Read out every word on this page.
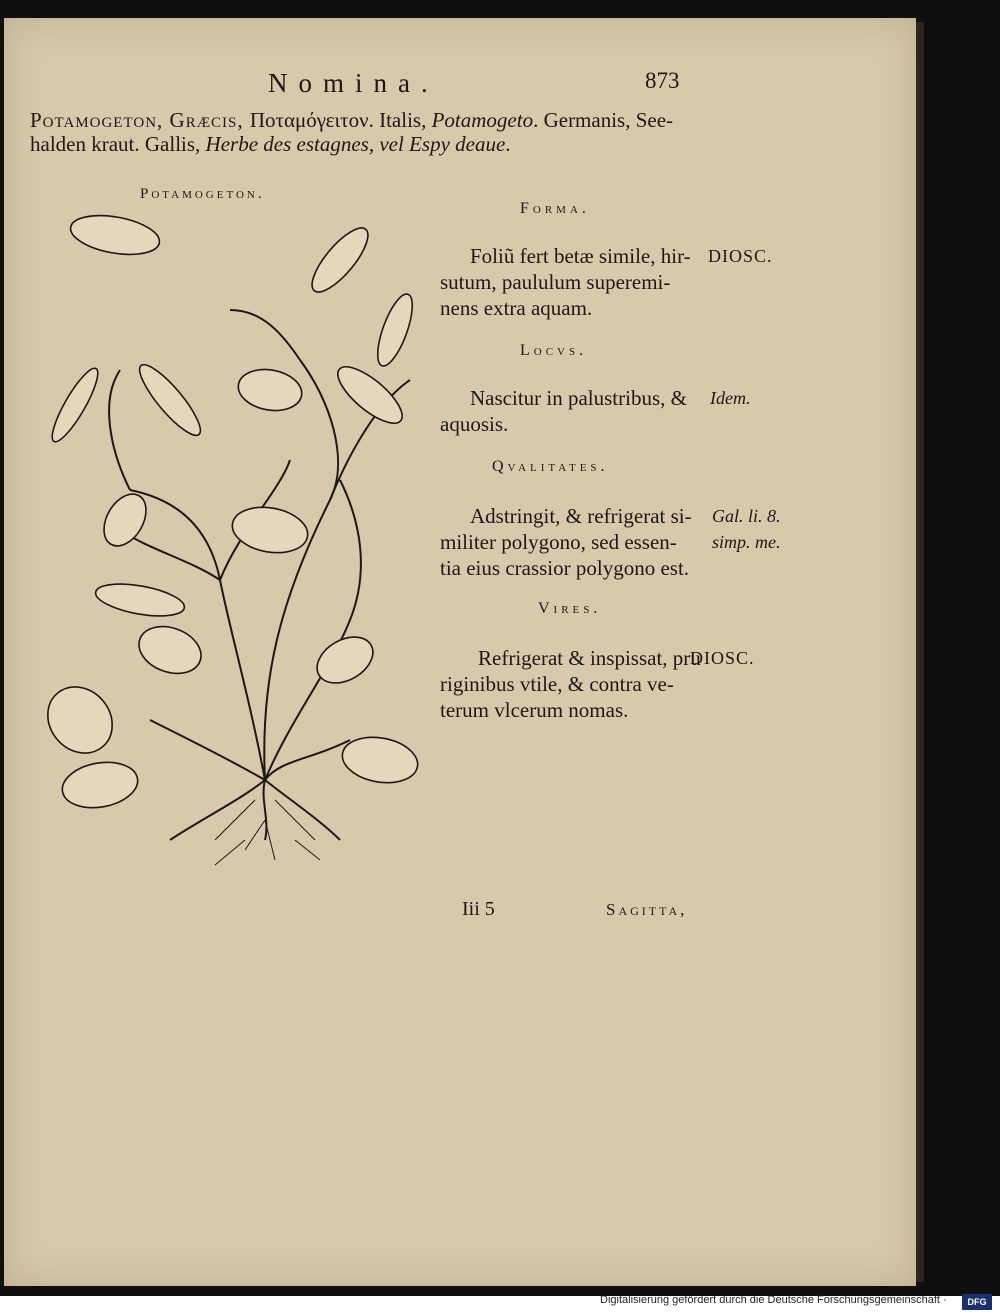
Nomina.	873
Potamogeton, Græcis, Ποταμόγειτον. Italis, Potamogeto. Germanis, See-
halden kraut. Gallis, Herbe des estagnes, vel Espy deaue.
Potamogeton.
Forma.
Foliũ fert betæ simile, hir-
sutum, paululum superemi-
nens extra aquam.
DIOSC.
Locvs.
Nascitur in palustribus, &
aquosis.
Idem.
Qvalitates.
Adstringit, & refrigerat si-
militer polygono, sed essen-
tia eius crassior polygono est.
Gal. li. 8.
simp. me.
Vires.
Refrigerat & inspissat, pru
riginibus vtile, & contra ve-
terum vlcerum nomas.
DIOSC.
Iii 5	Sagitta,
Digitalisierung gefördert durch die Deutsche Forschungsgemeinschaft ·	DFG
